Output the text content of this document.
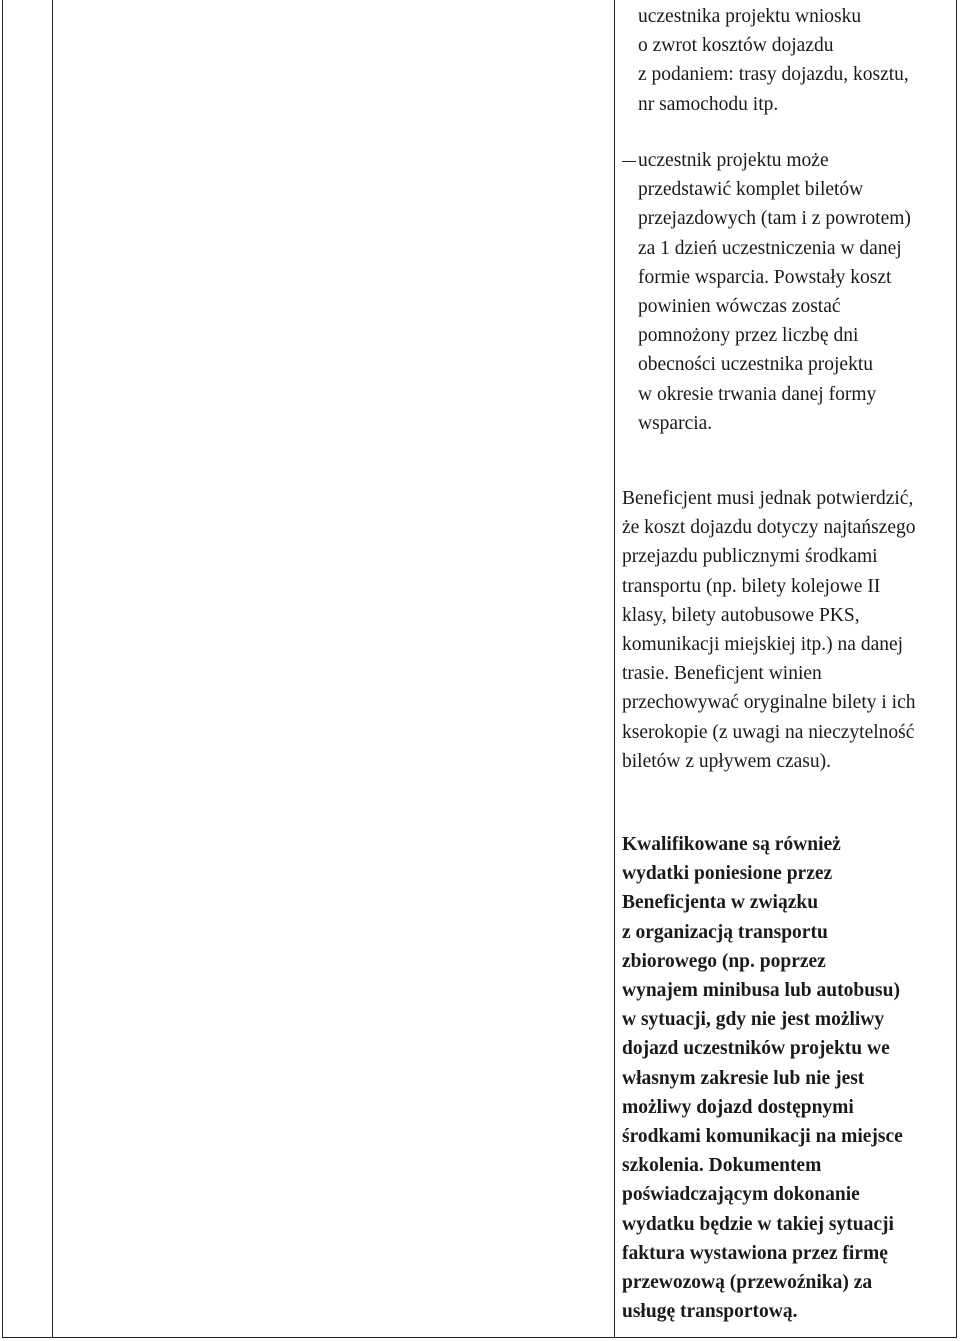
uczestnika projektu wniosku
o zwrot kosztów dojazdu
z podaniem: trasy dojazdu, kosztu,
nr samochodu itp.
uczestnik projektu może
przedstawić komplet biletów
przejazdowych (tam i z powrotem)
za 1 dzień uczestniczenia w danej
formie wsparcia. Powstały koszt
powinien wówczas zostać
pomnożony przez liczbę dni
obecności uczestnika projektu
w okresie trwania danej formy
wsparcia.
Beneficjent musi jednak potwierdzić,
że koszt dojazdu dotyczy najtańszego
przejazdu publicznymi środkami
transportu (np. bilety kolejowe II
klasy, bilety autobusowe PKS,
komunikacji miejskiej itp.) na danej
trasie. Beneficjent winien
przechowywać oryginalne bilety i ich
kserokopie (z uwagi na nieczytelność
biletów z upływem czasu).
Kwalifikowane są również
wydatki poniesione przez
Beneficjenta w związku
z organizacją transportu
zbiorowego (np. poprzez
wynajem minibusa lub autobusu)
w sytuacji, gdy nie jest możliwy
dojazd uczestników projektu we
własnym zakresie lub nie jest
możliwy dojazd dostępnymi
środkami komunikacji na miejsce
szkolenia. Dokumentem
poświadczającym dokonanie
wydatku będzie w takiej sytuacji
faktura wystawiona przez firmę
przewozową (przewoźnika) za
usługę transportową.
